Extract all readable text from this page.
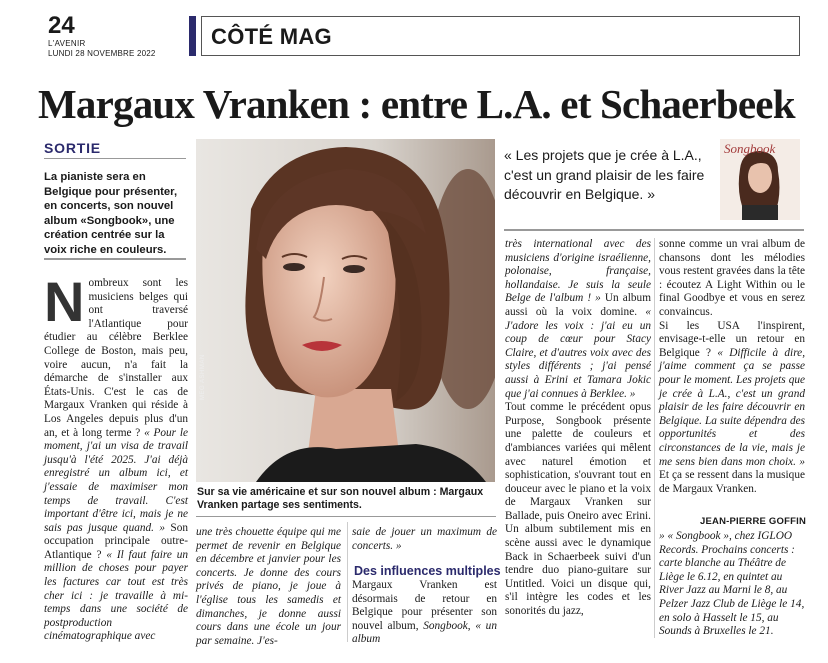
24
L'AVENIR
LUNDI 28 NOVEMBRE 2022
CÔTÉ MAG
Margaux Vranken : entre L.A. et Schaerbeek
SORTIE
La pianiste sera en Belgique pour présenter, en concerts, son nouvel album «Songbook», une création centrée sur la voix riche en couleurs.
Nombreux sont les musiciens belges qui ont traversé l'Atlantique pour étudier au célèbre Berklee College de Boston, mais peu, voire aucun, n'a fait la démarche de s'installer aux États-Unis. C'est le cas de Margaux Vranken qui réside à Los Angeles depuis plus d'un an, et à long terme ? « Pour le moment, j'ai un visa de travail jusqu'à l'été 2025. J'ai déjà enregistré un album ici, et j'essaie de maximiser mon temps de travail. C'est important d'être ici, mais je ne sais pas jusque quand. » Son occupation principale outre-Atlantique ? « Il faut faire un million de choses pour payer les factures car tout est très cher ici : je travaille à mi-temps dans une société de postproduction cinématographique avec
MEG ASHMAN
Sur sa vie américaine et sur son nouvel album : Margaux Vranken partage ses sentiments.
une très chouette équipe qui me permet de revenir en Belgique en décembre et janvier pour les concerts. Je donne des cours privés de piano, je joue à l'église tous les samedis et dimanches, je donne aussi cours dans une école un jour par semaine. J'es-
saie de jouer un maximum de concerts. »
Des influences multiples
Margaux Vranken est désormais de retour en Belgique pour présenter son nouvel album, Songbook, « un album
« Les projets que je crée à L.A., c'est un grand plaisir de les faire découvrir en Belgique. »
Songbook
très international avec des musiciens d'origine israélienne, polonaise, française, hollandaise. Je suis la seule Belge de l'album ! » Un album aussi où la voix domine. « J'adore les voix : j'ai eu un coup de cœur pour Stacy Claire, et d'autres voix avec des styles différents ; j'ai pensé aussi à Erini et Tamara Jokic que j'ai connues à Berklee. »
Tout comme le précédent opus Purpose, Songbook présente une palette de couleurs et d'ambiances variées qui mêlent avec naturel émotion et sophistication, s'ouvrant tout en douceur avec le piano et la voix de Margaux Vranken sur Ballade, puis Oneiro avec Erini. Un album subtilement mis en scène aussi avec le dynamique Back in Schaerbeek suivi d'un tendre duo piano-guitare sur Untitled. Voici un disque qui, s'il intègre les codes et les sonorités du jazz,
sonne comme un vrai album de chansons dont les mélodies vous restent gravées dans la tête : écoutez A Light Within ou le final Goodbye et vous en serez convaincus.
Si les USA l'inspirent, envisage-t-elle un retour en Belgique ? « Difficile à dire, j'aime comment ça se passe pour le moment. Les projets que je crée à L.A., c'est un grand plaisir de les faire découvrir en Belgique. La suite dépendra des opportunités et des circonstances de la vie, mais je me sens bien dans mon choix. » Et ça se ressent dans la musique de Margaux Vranken.
JEAN-PIERRE GOFFIN
» « Songbook », chez IGLOO Records. Prochains concerts : carte blanche au Théâtre de Liège le 6.12, en quintet au River Jazz au Marni le 8, au Pelzer Jazz Club de Liège le 14, en solo à Hasselt le 15, au Sounds à Bruxelles le 21.
